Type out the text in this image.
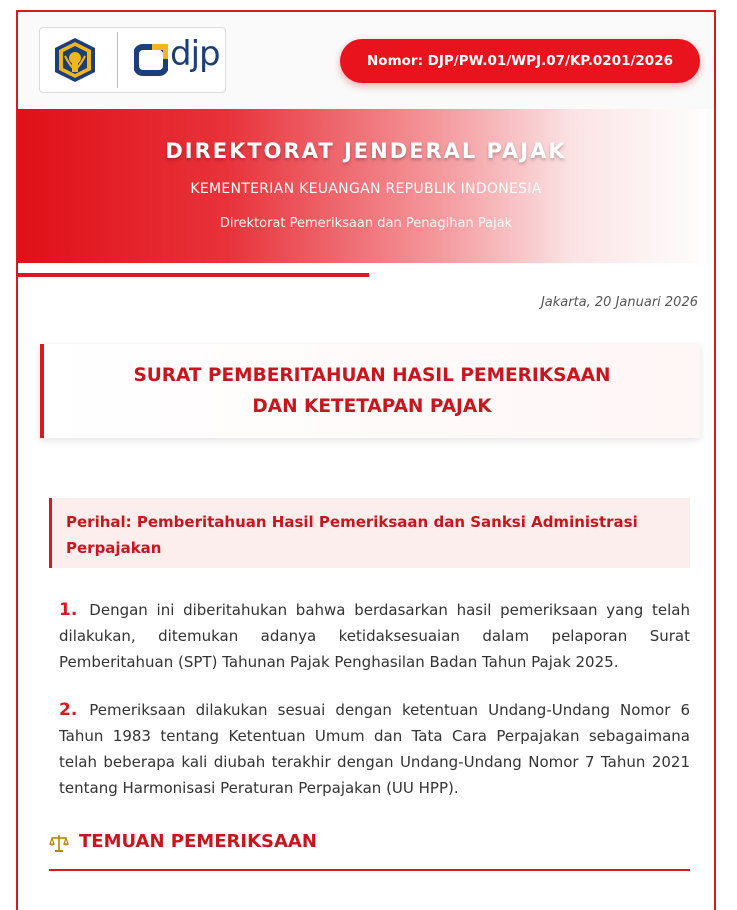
djp	Nomor: DJP/PW.01/WPJ.07/KP.0201/2026
DIREKTORAT JENDERAL PAJAK
KEMENTERIAN KEUANGAN REPUBLIK INDONESIA
Direktorat Pemeriksaan dan Penagihan Pajak
Jakarta, 20 Januari 2026
SURAT PEMBERITAHUAN HASIL PEMERIKSAAN
DAN KETETAPAN PAJAK
Perihal: Pemberitahuan Hasil Pemeriksaan dan Sanksi Administrasi Perpajakan
1. Dengan ini diberitahukan bahwa berdasarkan hasil pemeriksaan yang telah dilakukan, ditemukan adanya ketidaksesuaian dalam pelaporan Surat Pemberitahuan (SPT) Tahunan Pajak Penghasilan Badan Tahun Pajak 2025.
2. Pemeriksaan dilakukan sesuai dengan ketentuan Undang-Undang Nomor 6 Tahun 1983 tentang Ketentuan Umum dan Tata Cara Perpajakan sebagaimana telah beberapa kali diubah terakhir dengan Undang-Undang Nomor 7 Tahun 2021 tentang Harmonisasi Peraturan Perpajakan (UU HPP).
TEMUAN PEMERIKSAAN
